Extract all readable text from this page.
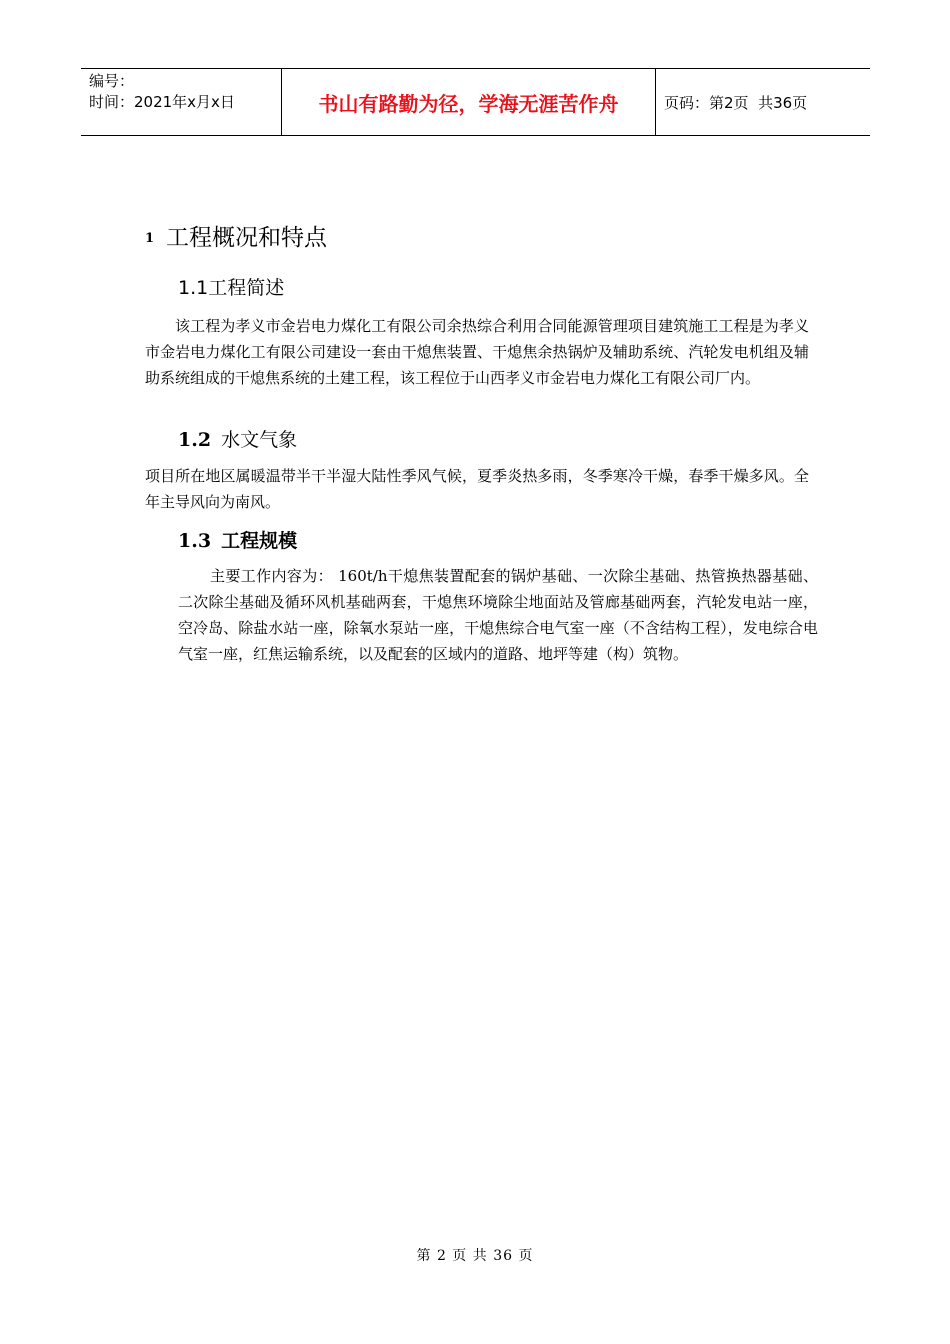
编号：
时间：2021年x月x日	书山有路勤为径，学海无涯苦作舟	页码：第2页  共36页
1 工程概况和特点
1.1工程简述

该工程为孝义市金岩电力煤化工有限公司余热综合利用合同能源管理项目建筑施工工程是为孝义市金岩电力煤化工有限公司建设一套由干熄焦装置、干熄焦余热锅炉及辅助系统、汽轮发电机组及辅助系统组成的干熄焦系统的土建工程，该工程位于山西孝义市金岩电力煤化工有限公司厂内。

1.2 水文气象

项目所在地区属暖温带半干半湿大陆性季风气候，夏季炎热多雨，冬季寒冷干燥，春季干燥多风。全年主导风向为南风。

1.3 工程规模

主要工作内容为： 160t/h干熄焦装置配套的锅炉基础、一次除尘基础、热管换热器基础、二次除尘基础及循环风机基础两套，干熄焦环境除尘地面站及管廊基础两套，汽轮发电站一座，空冷岛、除盐水站一座，除氧水泵站一座，干熄焦综合电气室一座（不含结构工程），发电综合电气室一座，红焦运输系统，以及配套的区域内的道路、地坪等建（构）筑物。

第 2 页 共 36 页
